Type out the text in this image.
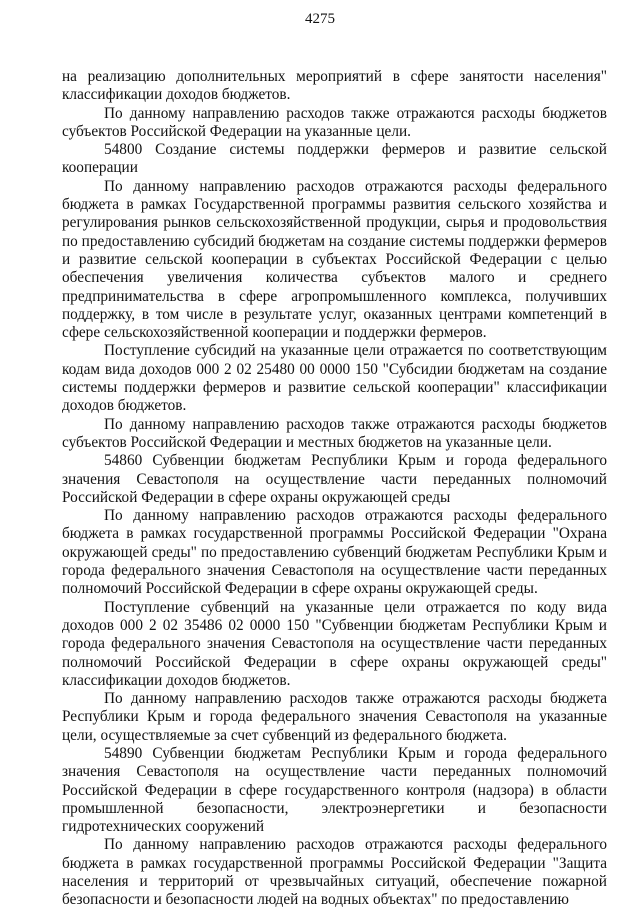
4275

на реализацию дополнительных мероприятий в сфере занятости населения" классификации доходов бюджетов.

По данному направлению расходов также отражаются расходы бюджетов субъектов Российской Федерации на указанные цели.

54800 Создание системы поддержки фермеров и развитие сельской кооперации

По данному направлению расходов отражаются расходы федерального бюджета в рамках Государственной программы развития сельского хозяйства и регулирования рынков сельскохозяйственной продукции, сырья и продовольствия по предоставлению субсидий бюджетам на создание системы поддержки фермеров и развитие сельской кооперации в субъектах Российской Федерации с целью обеспечения увеличения количества субъектов малого и среднего предпринимательства в сфере агропромышленного комплекса, получивших поддержку, в том числе в результате услуг, оказанных центрами компетенций в сфере сельскохозяйственной кооперации и поддержки фермеров.

Поступление субсидий на указанные цели отражается по соответствующим кодам вида доходов 000 2 02 25480 00 0000 150 "Субсидии бюджетам на создание системы поддержки фермеров и развитие сельской кооперации" классификации доходов бюджетов.

По данному направлению расходов также отражаются расходы бюджетов субъектов Российской Федерации и местных бюджетов на указанные цели.

54860 Субвенции бюджетам Республики Крым и города федерального значения Севастополя на осуществление части переданных полномочий Российской Федерации в сфере охраны окружающей среды

По данному направлению расходов отражаются расходы федерального бюджета в рамках государственной программы Российской Федерации "Охрана окружающей среды" по предоставлению субвенций бюджетам Республики Крым и города федерального значения Севастополя на осуществление части переданных полномочий Российской Федерации в сфере охраны окружающей среды.

Поступление субвенций на указанные цели отражается по коду вида доходов 000 2 02 35486 02 0000 150 "Субвенции бюджетам Республики Крым и города федерального значения Севастополя на осуществление части переданных полномочий Российской Федерации в сфере охраны окружающей среды" классификации доходов бюджетов.

По данному направлению расходов также отражаются расходы бюджета Республики Крым и города федерального значения Севастополя на указанные цели, осуществляемые за счет субвенций из федерального бюджета.

54890 Субвенции бюджетам Республики Крым и города федерального значения Севастополя на осуществление части переданных полномочий Российской Федерации в сфере государственного контроля (надзора) в области промышленной безопасности, электроэнергетики и безопасности гидротехнических сооружений

По данному направлению расходов отражаются расходы федерального бюджета в рамках государственной программы Российской Федерации "Защита населения и территорий от чрезвычайных ситуаций, обеспечение пожарной безопасности и безопасности людей на водных объектах" по предоставлению
